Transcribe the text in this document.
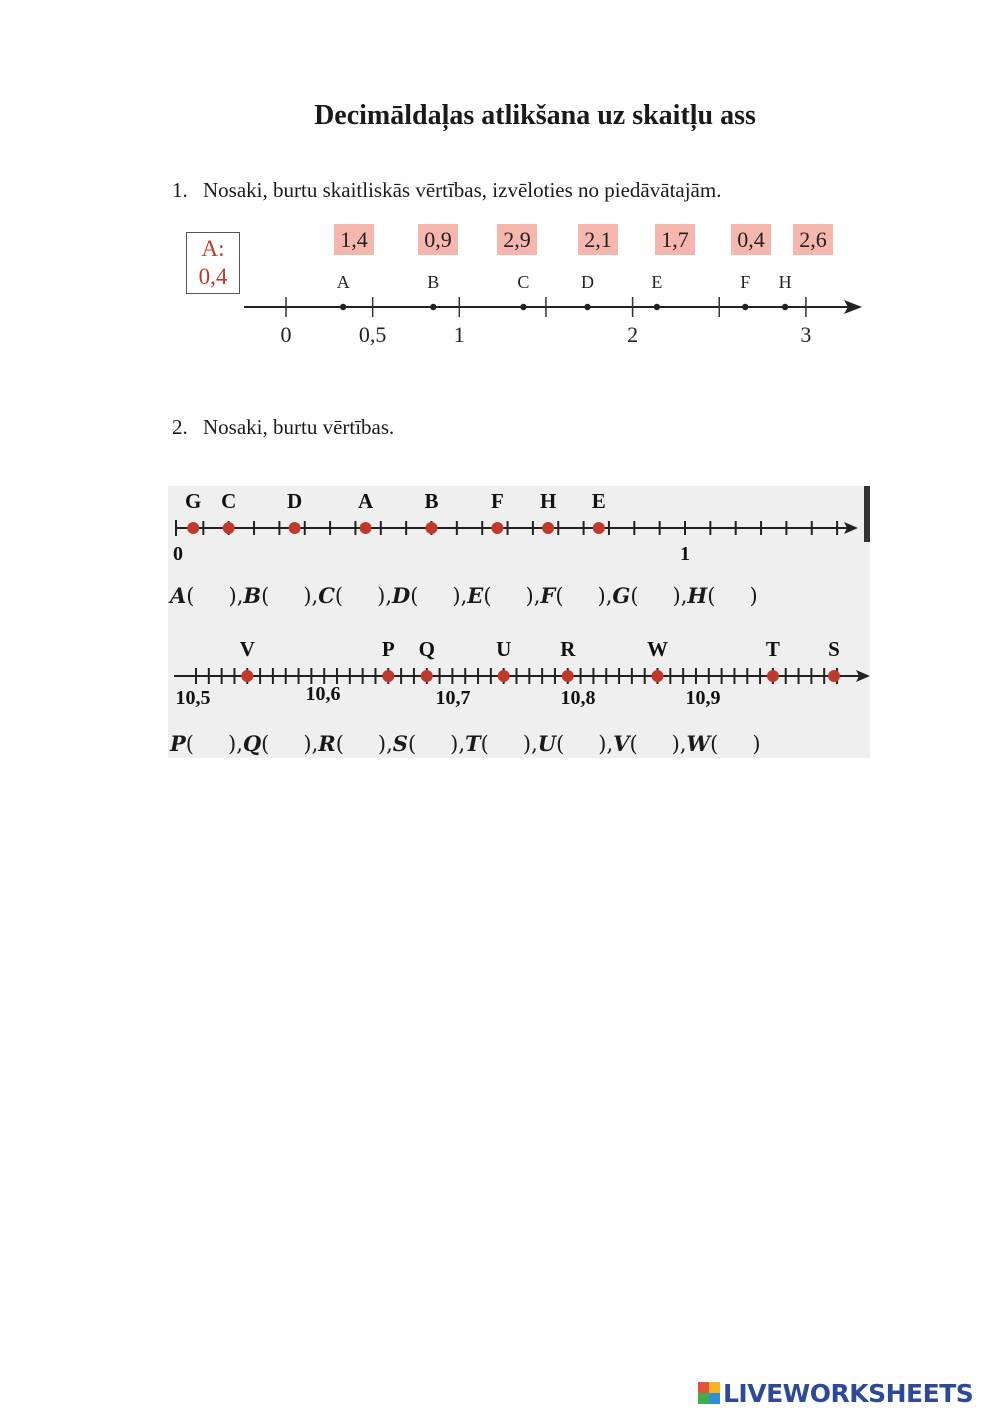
Decimāldaļas atlikšana uz skaitļu ass
1. Nosaki, burtu skaitliskās vērtības, izvēloties no piedāvātajām.
A:
0,4
1,4	0,9 2,9 2,1 1,7 0,4 2,6
0	0,5	1	2	3
A	B	C	D	E	F H
2. Nosaki, burtu vērtības.
0	1
G C D	A B F H E
A( ),B( ),C( ),D( ),E( ),F( ),G( ),H( )
10,5	10,6	10,7	10,8	10,9
V	P Q	U R	W	T S
P( ),Q( ),R( ),S( ),T( ),U( ),V( ),W( )
LIVEWORKSHEETS
